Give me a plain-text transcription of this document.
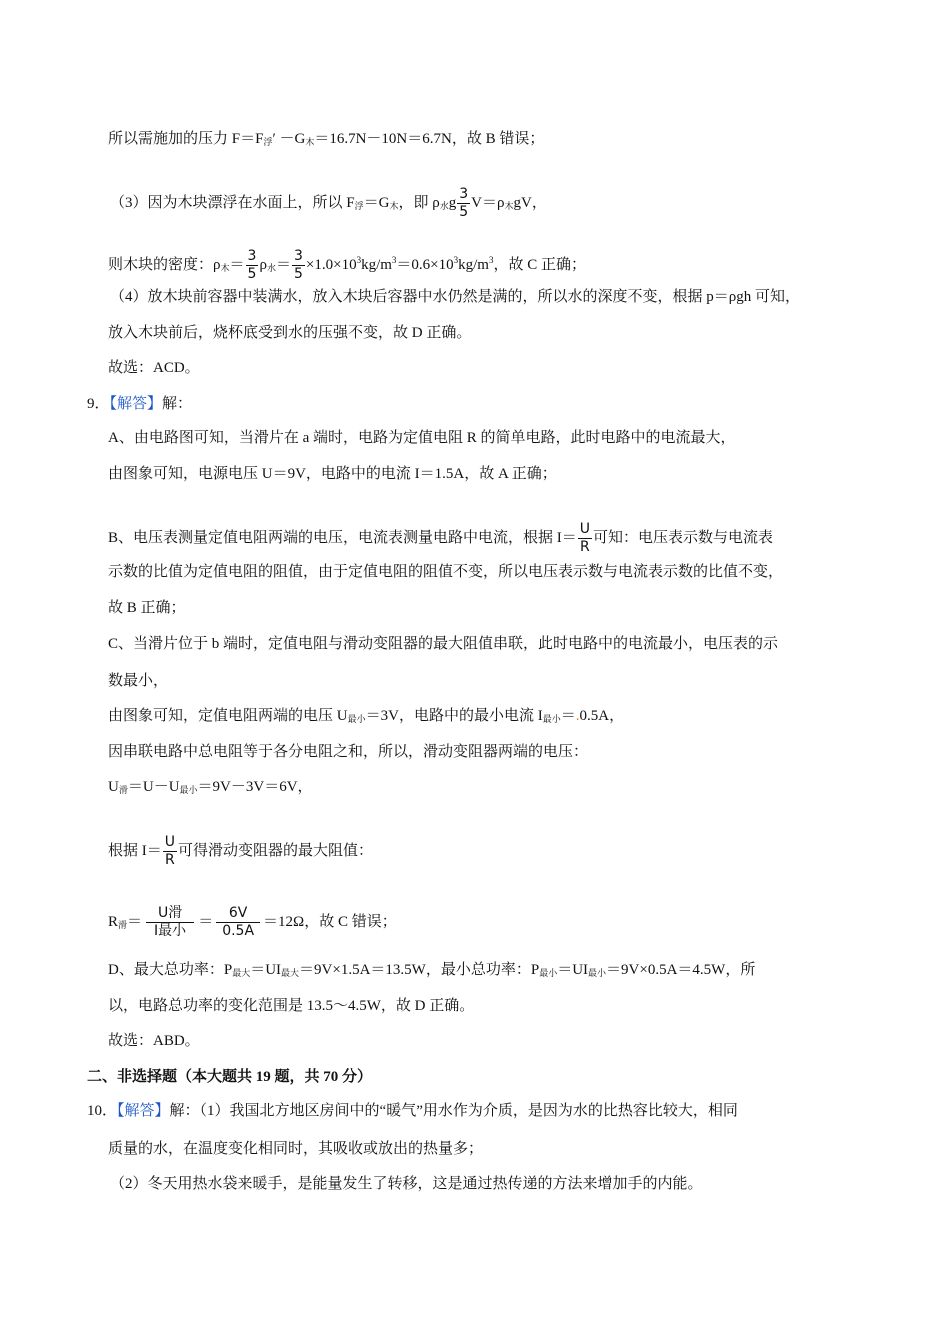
所以需施加的压力 $F=F_浮' -G_木=16.7N-10N=6.7N$，故 B 错误；
（3）因为木块漂浮在水面上，所以 $F_浮=G_木$，即 $\rho_水g \frac{3}{5} V=\rho_木gV$，
则木块的密度：$\rho_木= \frac{3}{5} \rho_水= \frac{3}{5} \times 1.0\times 10^3kg/m^3=0.6\times 10^3kg/m^3$，故 C 正确；
（4）放木块前容器中装满水，放入木块后容器中水仍然是满的，所以水的深度不变，根据 p＝ρgh 可知，
放入木块前后，烧杯底受到水的压强不变，故 D 正确。
故选：ACD。
9．【解答】解：
A、由电路图可知，当滑片在 a 端时，电路为定值电阻 R 的简单电路，此时电路中的电流最大，
由图象可知，电源电压 U＝9V，电路中的电流 I＝1.5A，故 A 正确；
B、电压表测量定值电阻两端的电压，电流表测量电路中电流，根据 $I= \frac{U}{R}$ 可知：电压表示数与电流表
示数的比值为定值电阻的阻值，由于定值电阻的阻值不变，所以电压表示数与电流表示数的比值不变，
故 B 正确；
C、当滑片位于 b 端时，定值电阻与滑动变阻器的最大阻值串联，此时电路中的电流最小，电压表的示
数最小，
由图象可知，定值电阻两端的电压 $U_{最小}=3V$，电路中的最小电流 $I_{最小}=.0.5A$，
因串联电路中总电阻等于各分电阻之和，所以，滑动变阻器两端的电压：
$U_滑=U-U_{最小}=9V-3V=6V$，
根据 $I= \frac{U}{R}$ 可得滑动变阻器的最大阻值：
$R_滑= \frac{\text{U滑}}{\text{I最小}} = \frac{6V}{0.5A} =12\Omega$，故 C 错误；
D、最大总功率：$P_{最大}=UI_{最大}=9V\times 1.5A=13.5W$，最小总功率：$P_{最小}=UI_{最小}=9V\times 0.5A=4.5W$，所
以，电路总功率的变化范围是 13.5～4.5W，故 D 正确。
故选：ABD。
二、非选择题（本大题共 19 题，共 70 分）
10．【解答】解：（1）我国北方地区房间中的“暖气”用水作为介质，是因为水的比热容比较大，相同
质量的水，在温度变化相同时，其吸收或放出的热量多；
（2）冬天用热水袋来暖手，是能量发生了转移，这是通过热传递的方法来增加手的内能。
